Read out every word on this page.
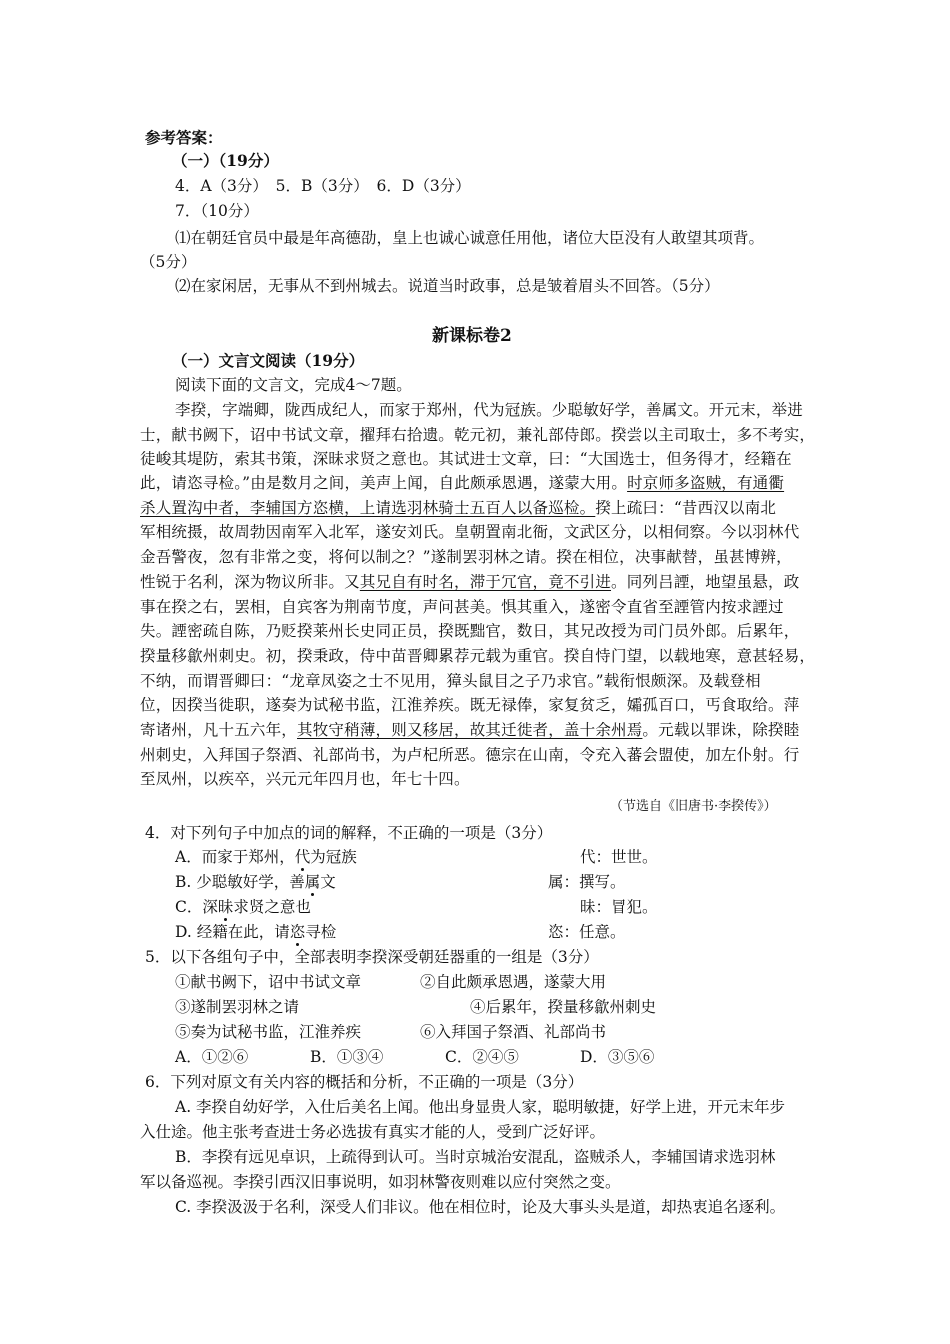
参考答案：
（一）（19分）
4．A（3分）　5．B（3分）　6．D（3分）
7．（10分）
⑴在朝廷官员中最是年高德劭，皇上也诚心诚意任用他，诸位大臣没有人敢望其项背。
（5分）
⑵在家闲居，无事从不到州城去。说道当时政事，总是皱着眉头不回答。（5分）
新课标卷2
（一）文言文阅读（19分）
阅读下面的文言文，完成4～7题。
李揆，字端卿，陇西成纪人，而家于郑州，代为冠族。少聪敏好学，善属文。开元末，举进
士，献书阙下，诏中书试文章，擢拜右拾遗。乾元初，兼礼部侍郎。揆尝以主司取士，多不考实，
徒峻其堤防，索其书策，深昧求贤之意也。其试进士文章，曰：“大国选士，但务得才，经籍在
此，请恣寻检。”由是数月之间，美声上闻，自此颇承恩遇，遂蒙大用。时京师多盗贼，有通衢
杀人置沟中者，李辅国方恣横，上请选羽林骑士五百人以备巡检。揆上疏曰：“昔西汉以南北
军相统摄，故周勃因南军入北军，遂安刘氏。皇朝置南北衙，文武区分，以相伺察。今以羽林代
金吾警夜，忽有非常之变，将何以制之？”遂制罢羽林之请。揆在相位，决事献替，虽甚博辨，
性锐于名利，深为物议所非。又其兄自有时名，滞于冗官，竟不引进。同列吕諲，地望虽悬，政
事在揆之右，罢相，自宾客为荆南节度，声问甚美。惧其重入，遂密令直省至諲管内按求諲过
失。諲密疏自陈，乃贬揆莱州长史同正员，揆既黜官，数日，其兄改授为司门员外郎。后累年，
揆量移歙州刺史。初，揆秉政，侍中苗晋卿累荐元载为重官。揆自恃门望，以载地寒，意甚轻易，
不纳，而谓晋卿曰：“龙章凤姿之士不见用，獐头鼠目之子乃求官。”载衔恨颇深。及载登相
位，因揆当徙职，遂奏为试秘书监，江淮养疾。既无禄俸，家复贫乏，孀孤百口，丐食取给。萍
寄诸州，凡十五六年，其牧守稍薄，则又移居，故其迁徙者，盖十余州焉。元载以罪诛，除揆睦
州刺史，入拜国子祭酒、礼部尚书，为卢杞所恶。德宗在山南，令充入蕃会盟使，加左仆射。行
至凤州，以疾卒，兴元元年四月也，年七十四。
（节选自《旧唐书·李揆传》）
4．对下列句子中加点的词的解释，不正确的一项是（3分）
A．而家于郑州，代为冠族	代：世世。
B. 少聪敏好学，善属文	属：撰写。
C．深昧求贤之意也	昧：冒犯。
D. 经籍在此，请恣寻检	恣：任意。
5．以下各组句子中，全部表明李揆深受朝廷器重的一组是（3分）
①献书阙下，诏中书试文章	②自此颇承恩遇，遂蒙大用
③遂制罢羽林之请	④后累年，揆量移歙州刺史
⑤奏为试秘书监，江淮养疾	⑥入拜国子祭酒、礼部尚书
A．①②⑥	B．①③④	C．②④⑤	D．③⑤⑥
6．下列对原文有关内容的概括和分析，不正确的一项是（3分）
A. 李揆自幼好学，入仕后美名上闻。他出身显贵人家，聪明敏捷，好学上进，开元末年步
入仕途。他主张考查进士务必选拔有真实才能的人，受到广泛好评。
B．李揆有远见卓识，上疏得到认可。当时京城治安混乱，盗贼杀人，李辅国请求选羽林
军以备巡视。李揆引西汉旧事说明，如羽林警夜则难以应付突然之变。
C. 李揆汲汲于名利，深受人们非议。他在相位时，论及大事头头是道，却热衷追名逐利。
